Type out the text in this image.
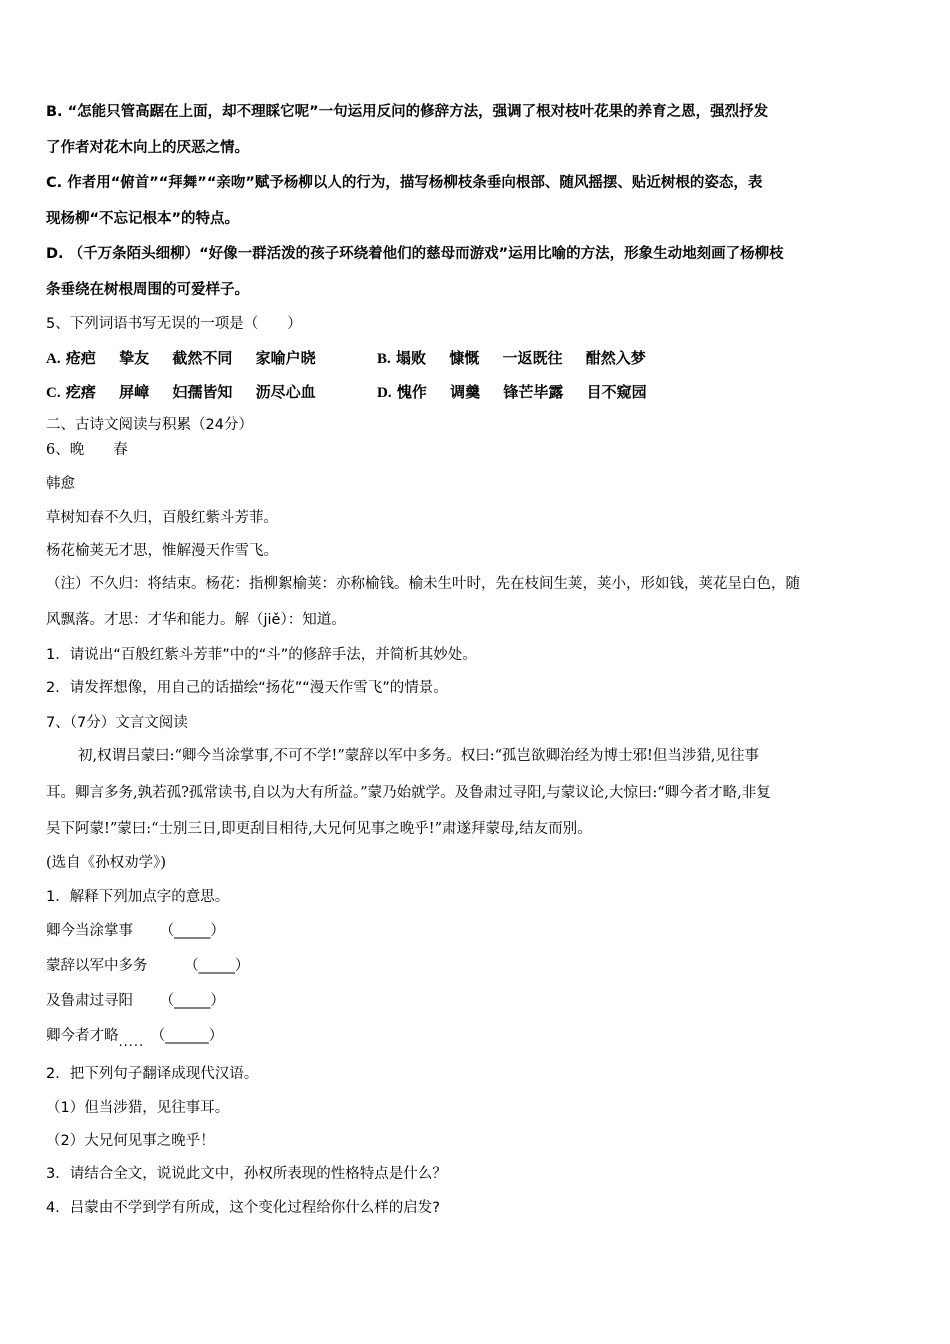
B. “怎能只管高踞在上面，却不理睬它呢”一句运用反问的修辞方法，强调了根对枝叶花果的养育之恩，强烈抒发
了作者对花木向上的厌恶之情。
C. 作者用“俯首”“拜舞”“亲吻”赋予杨柳以人的行为，描写杨柳枝条垂向根部、随风摇摆、贴近树根的姿态，表
现杨柳“不忘记根本”的特点。
D. （千万条陌头细柳）“好像一群活泼的孩子环绕着他们的慈母而游戏”运用比喻的方法，形象生动地刻画了杨柳枝
条垂绕在树根周围的可爱样子。
5、下列词语书写无误的一项是（　　）
A. 疮疤 挚友 截然不同 家喻户晓	B. 塌败 慷慨 一返既往 酣然入梦
C. 疙瘩 屏嶂 妇孺皆知 沥尽心血	D. 愧作 调羹 锋芒毕露 目不窥园
二、古诗文阅读与积累（24分）
6、晚　　春
韩愈
草树知春不久归，百般红紫斗芳菲。
杨花榆荚无才思，惟解漫天作雪飞。
（注）不久归：将结束。杨花：指柳絮榆荚：亦称榆钱。榆未生叶时，先在枝间生荚，荚小，形如钱，荚花呈白色，随
风飘落。才思：才华和能力。解（jiě）：知道。
1．请说出“百般红紫斗芳菲”中的“斗”的修辞手法，并简析其妙处。
2．请发挥想像，用自己的话描绘“扬花”“漫天作雪飞”的情景。
7、（7分）文言文阅读
初,权谓吕蒙曰:“卿今当涂掌事,不可不学!”蒙辞以军中多务。权曰:“孤岂欲卿治经为博士邪!但当涉猎,见往事
耳。卿言多务,孰若孤?孤常读书,自以为大有所益。”蒙乃始就学。及鲁肃过寻阳,与蒙议论,大惊曰:“卿今者才略,非复
吴下阿蒙!”蒙曰:“士别三日,即更刮目相待,大兄何见事之晚乎!”肃遂拜蒙母,结友而别。
(选自《孙权劝学》)
1．解释下列加点字的意思。
卿今当涂掌事 （_____）
蒙辞以军中多务	（_____）
及鲁肃过寻阳 （_____）
卿今者才略..... （______）
2．把下列句子翻译成现代汉语。
（1）但当涉猎，见往事耳。
（2）大兄何见事之晚乎！
3．请结合全文，说说此文中，孙权所表现的性格特点是什么？
4．吕蒙由不学到学有所成，这个变化过程给你什么样的启发?
